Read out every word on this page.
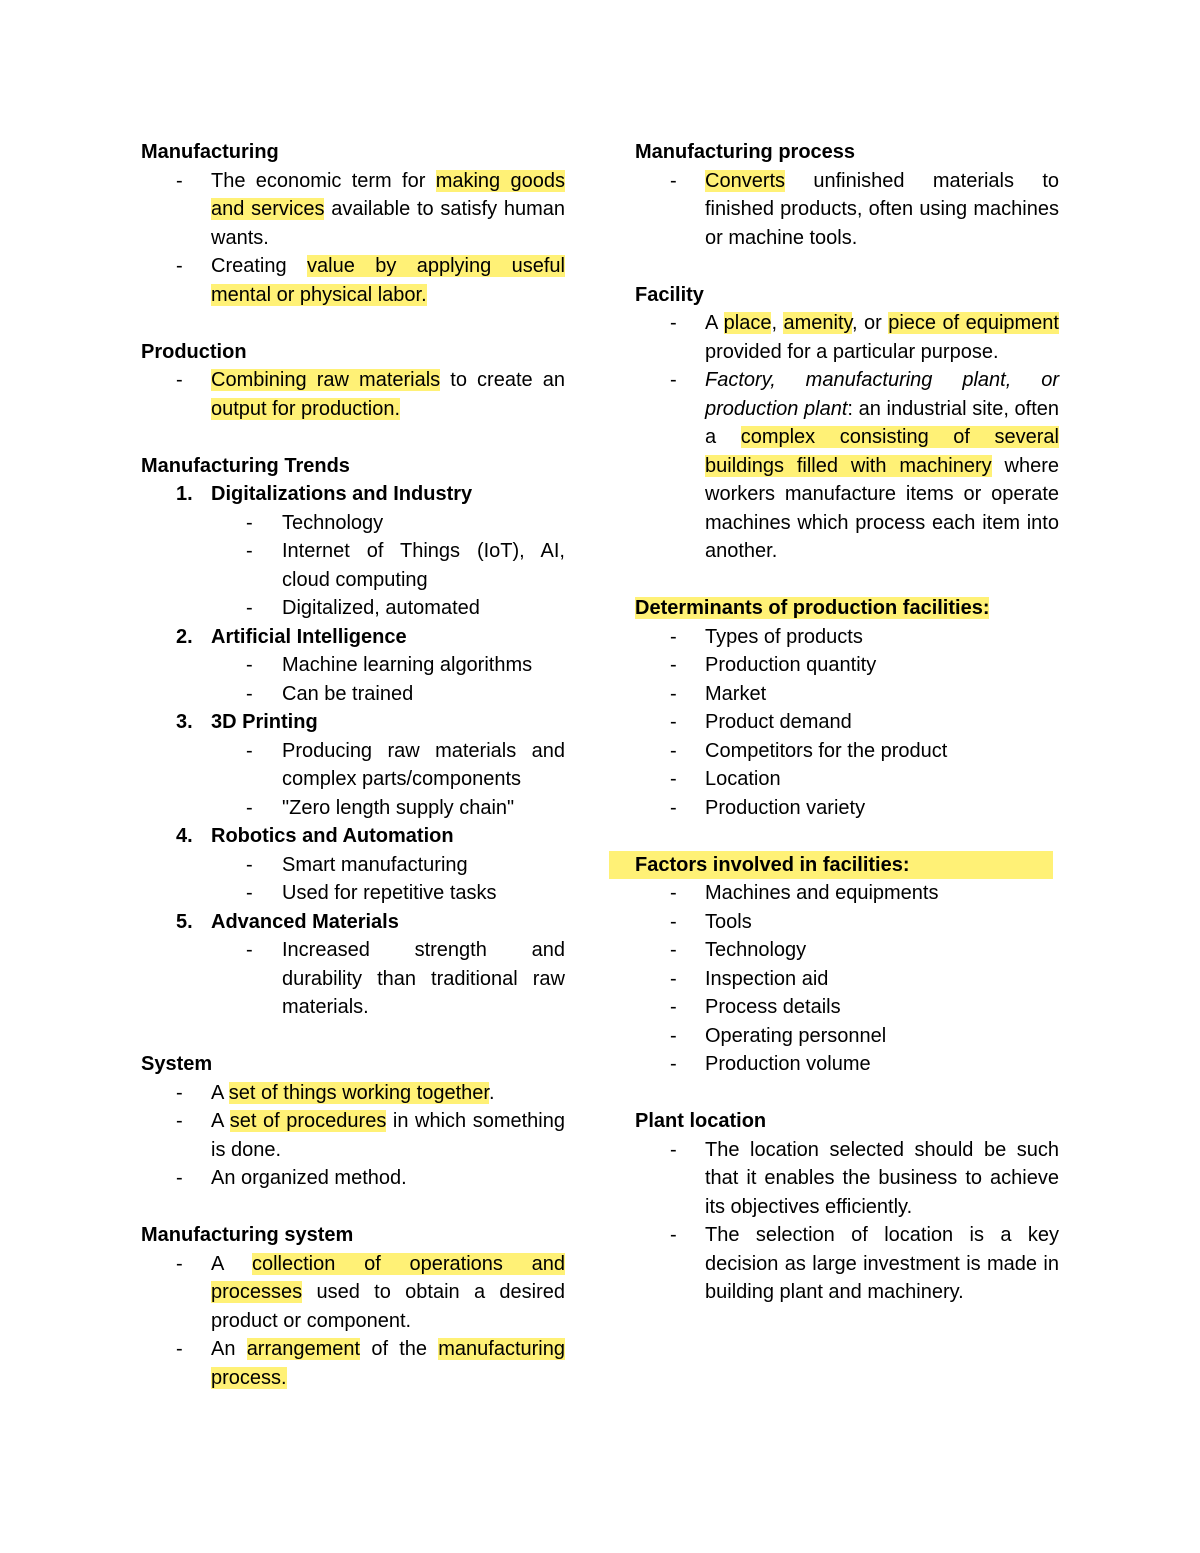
Manufacturing

- The economic term for making goods and services available to satisfy human wants.
- Creating value by applying useful mental or physical labor.

Production

- Combining raw materials to create an output for production.

Manufacturing Trends

1. Digitalizations and Industry
- Technology
- Internet of Things (IoT), AI, cloud computing
- Digitalized, automated
2. Artificial Intelligence
- Machine learning algorithms
- Can be trained
3. 3D Printing
- Producing raw materials and complex parts/components
- "Zero length supply chain"
4. Robotics and Automation
- Smart manufacturing
- Used for repetitive tasks
5. Advanced Materials
- Increased strength and durability than traditional raw materials.

System

- A set of things working together.
- A set of procedures in which something is done.
- An organized method.

Manufacturing system

- A collection of operations and processes used to obtain a desired product or component.
- An arrangement of the manufacturing process.

Manufacturing process

- Converts unfinished materials to finished products, often using machines or machine tools.

Facility

- A place, amenity, or piece of equipment provided for a particular purpose.
- Factory, manufacturing plant, or production plant: an industrial site, often a complex consisting of several buildings filled with machinery where workers manufacture items or operate machines which process each item into another.

Determinants of production facilities:

- Types of products
- Production quantity
- Market
- Product demand
- Competitors for the product
- Location
- Production variety

Factors involved in facilities:

- Machines and equipments
- Tools
- Technology
- Inspection aid
- Process details
- Operating personnel
- Production volume

Plant location

- The location selected should be such that it enables the business to achieve its objectives efficiently.
- The selection of location is a key decision as large investment is made in building plant and machinery.
